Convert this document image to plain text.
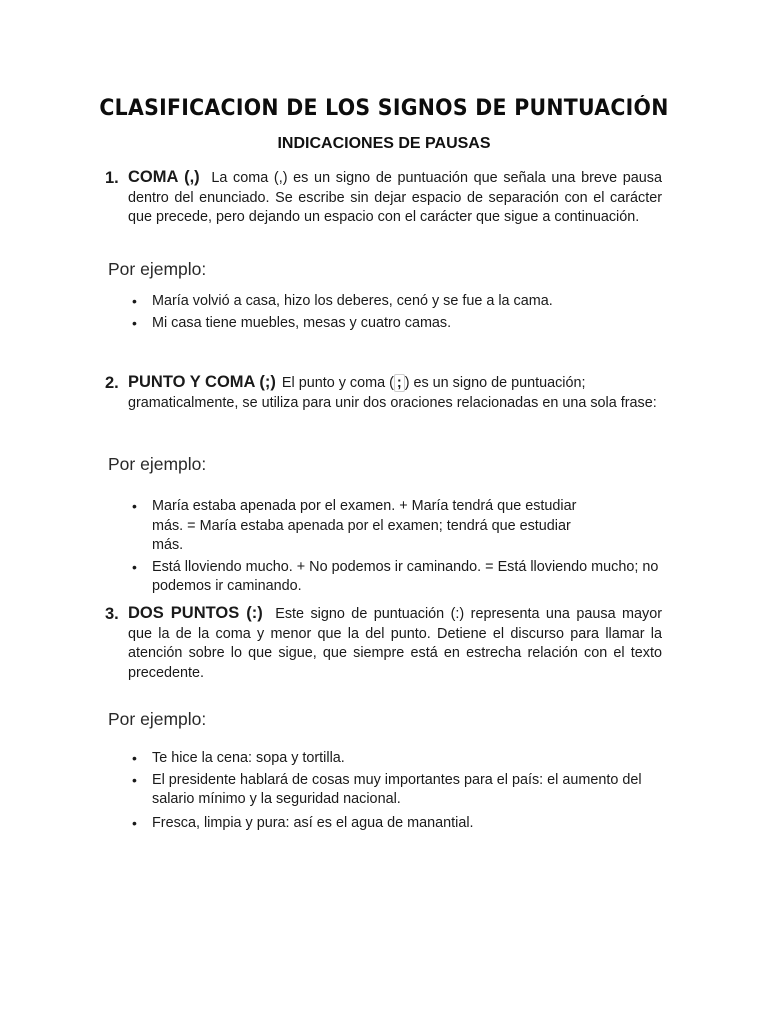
CLASIFICACION DE LOS SIGNOS DE PUNTUACIÓN
INDICACIONES DE PAUSAS
1. COMA (,) La coma (,) es un signo de puntuación que señala una breve pausa dentro del enunciado. Se escribe sin dejar espacio de separación con el carácter que precede, pero dejando un espacio con el carácter que sigue a continuación.
Por ejemplo:
• María volvió a casa, hizo los deberes, cenó y se fue a la cama.
• Mi casa tiene muebles, mesas y cuatro camas.
2. PUNTO Y COMA (;) El punto y coma ( ; ) es un signo de puntuación; gramaticalmente, se utiliza para unir dos oraciones relacionadas en una sola frase:
Por ejemplo:
• María estaba apenada por el examen. + María tendrá que estudiar más. = María estaba apenada por el examen; tendrá que estudiar más.
• Está lloviendo mucho. + No podemos ir caminando. = Está lloviendo mucho; no podemos ir caminando.
3. DOS PUNTOS (:) Este signo de puntuación (:) representa una pausa mayor que la de la coma y menor que la del punto. Detiene el discurso para llamar la atención sobre lo que sigue, que siempre está en estrecha relación con el texto precedente.
Por ejemplo:
• Te hice la cena: sopa y tortilla.
• El presidente hablará de cosas muy importantes para el país: el aumento del salario mínimo y la seguridad nacional.
• Fresca, limpia y pura: así es el agua de manantial.
